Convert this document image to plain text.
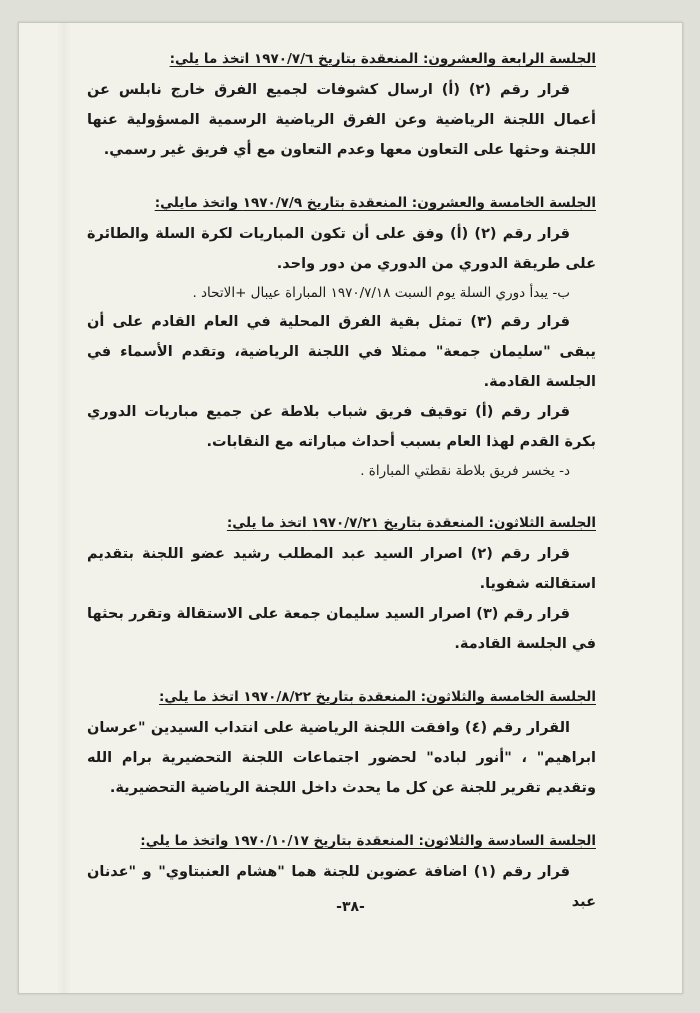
الجلسة الرابعة والعشرون: المنعقدة بتاريخ ١٩٧٠/٧/٦ اتخذ ما يلي:

قرار رقم (٢) (أ) ارسال كشوفات لجميع الفرق خارج نابلس عن أعمال اللجنة الرياضية وعن الفرق الرياضية الرسمية المسؤولية عنها اللجنة وحثها على التعاون معها وعدم التعاون مع أي فريق غير رسمي.

الجلسة الخامسة والعشرون: المنعقدة بتاريخ ١٩٧٠/٧/٩ واتخذ مايلي:

قرار رقم (٢) (أ) وفق على أن تكون المباريات لكرة السلة والطائرة على طريقة الدوري من الدوري من دور واحد.

ب- يبدأ دوري السلة يوم السبت ١٩٧٠/٧/١٨ المباراة عيبال +الاتحاد .

قرار رقم (٣) تمثل بقية الفرق المحلية في العام القادم على أن يبقى "سليمان جمعة" ممثلا في اللجنة الرياضية، وتقدم الأسماء في الجلسة القادمة.

قرار رقم (أ) توقيف فريق شباب بلاطة عن جميع مباريات الدوري بكرة القدم لهذا العام بسبب أحداث مباراته مع النقابات.

د- يخسر فريق بلاطة نقطتي المباراة .

الجلسة الثلاثون: المنعقدة بتاريخ ١٩٧٠/٧/٢١ اتخذ ما يلي:

قرار رقم (٢) اصرار السيد عبد المطلب رشيد عضو اللجنة بتقديم استقالته شفويا.

قرار رقم (٣) اصرار السيد سليمان جمعة على الاستقالة وتقرر بحثها في الجلسة القادمة.

الجلسة الخامسة والثلاثون: المنعقدة بتاريخ ١٩٧٠/٨/٢٢ اتخذ ما يلي:

القرار رقم (٤) وافقت اللجنة الرياضية على انتداب السيدين "عرسان ابراهيم" ، "أنور لباده" لحضور اجتماعات اللجنة التحضيرية برام الله وتقديم تقرير للجنة عن كل ما يحدث داخل اللجنة الرياضية التحضيرية.

الجلسة السادسة والثلاثون: المنعقدة بتاريخ ١٩٧٠/١٠/١٧ واتخذ ما يلي:

قرار رقم (١) اضافة عضوين للجنة هما "هشام العنبتاوي" و "عدنان عبد

-٣٨-
